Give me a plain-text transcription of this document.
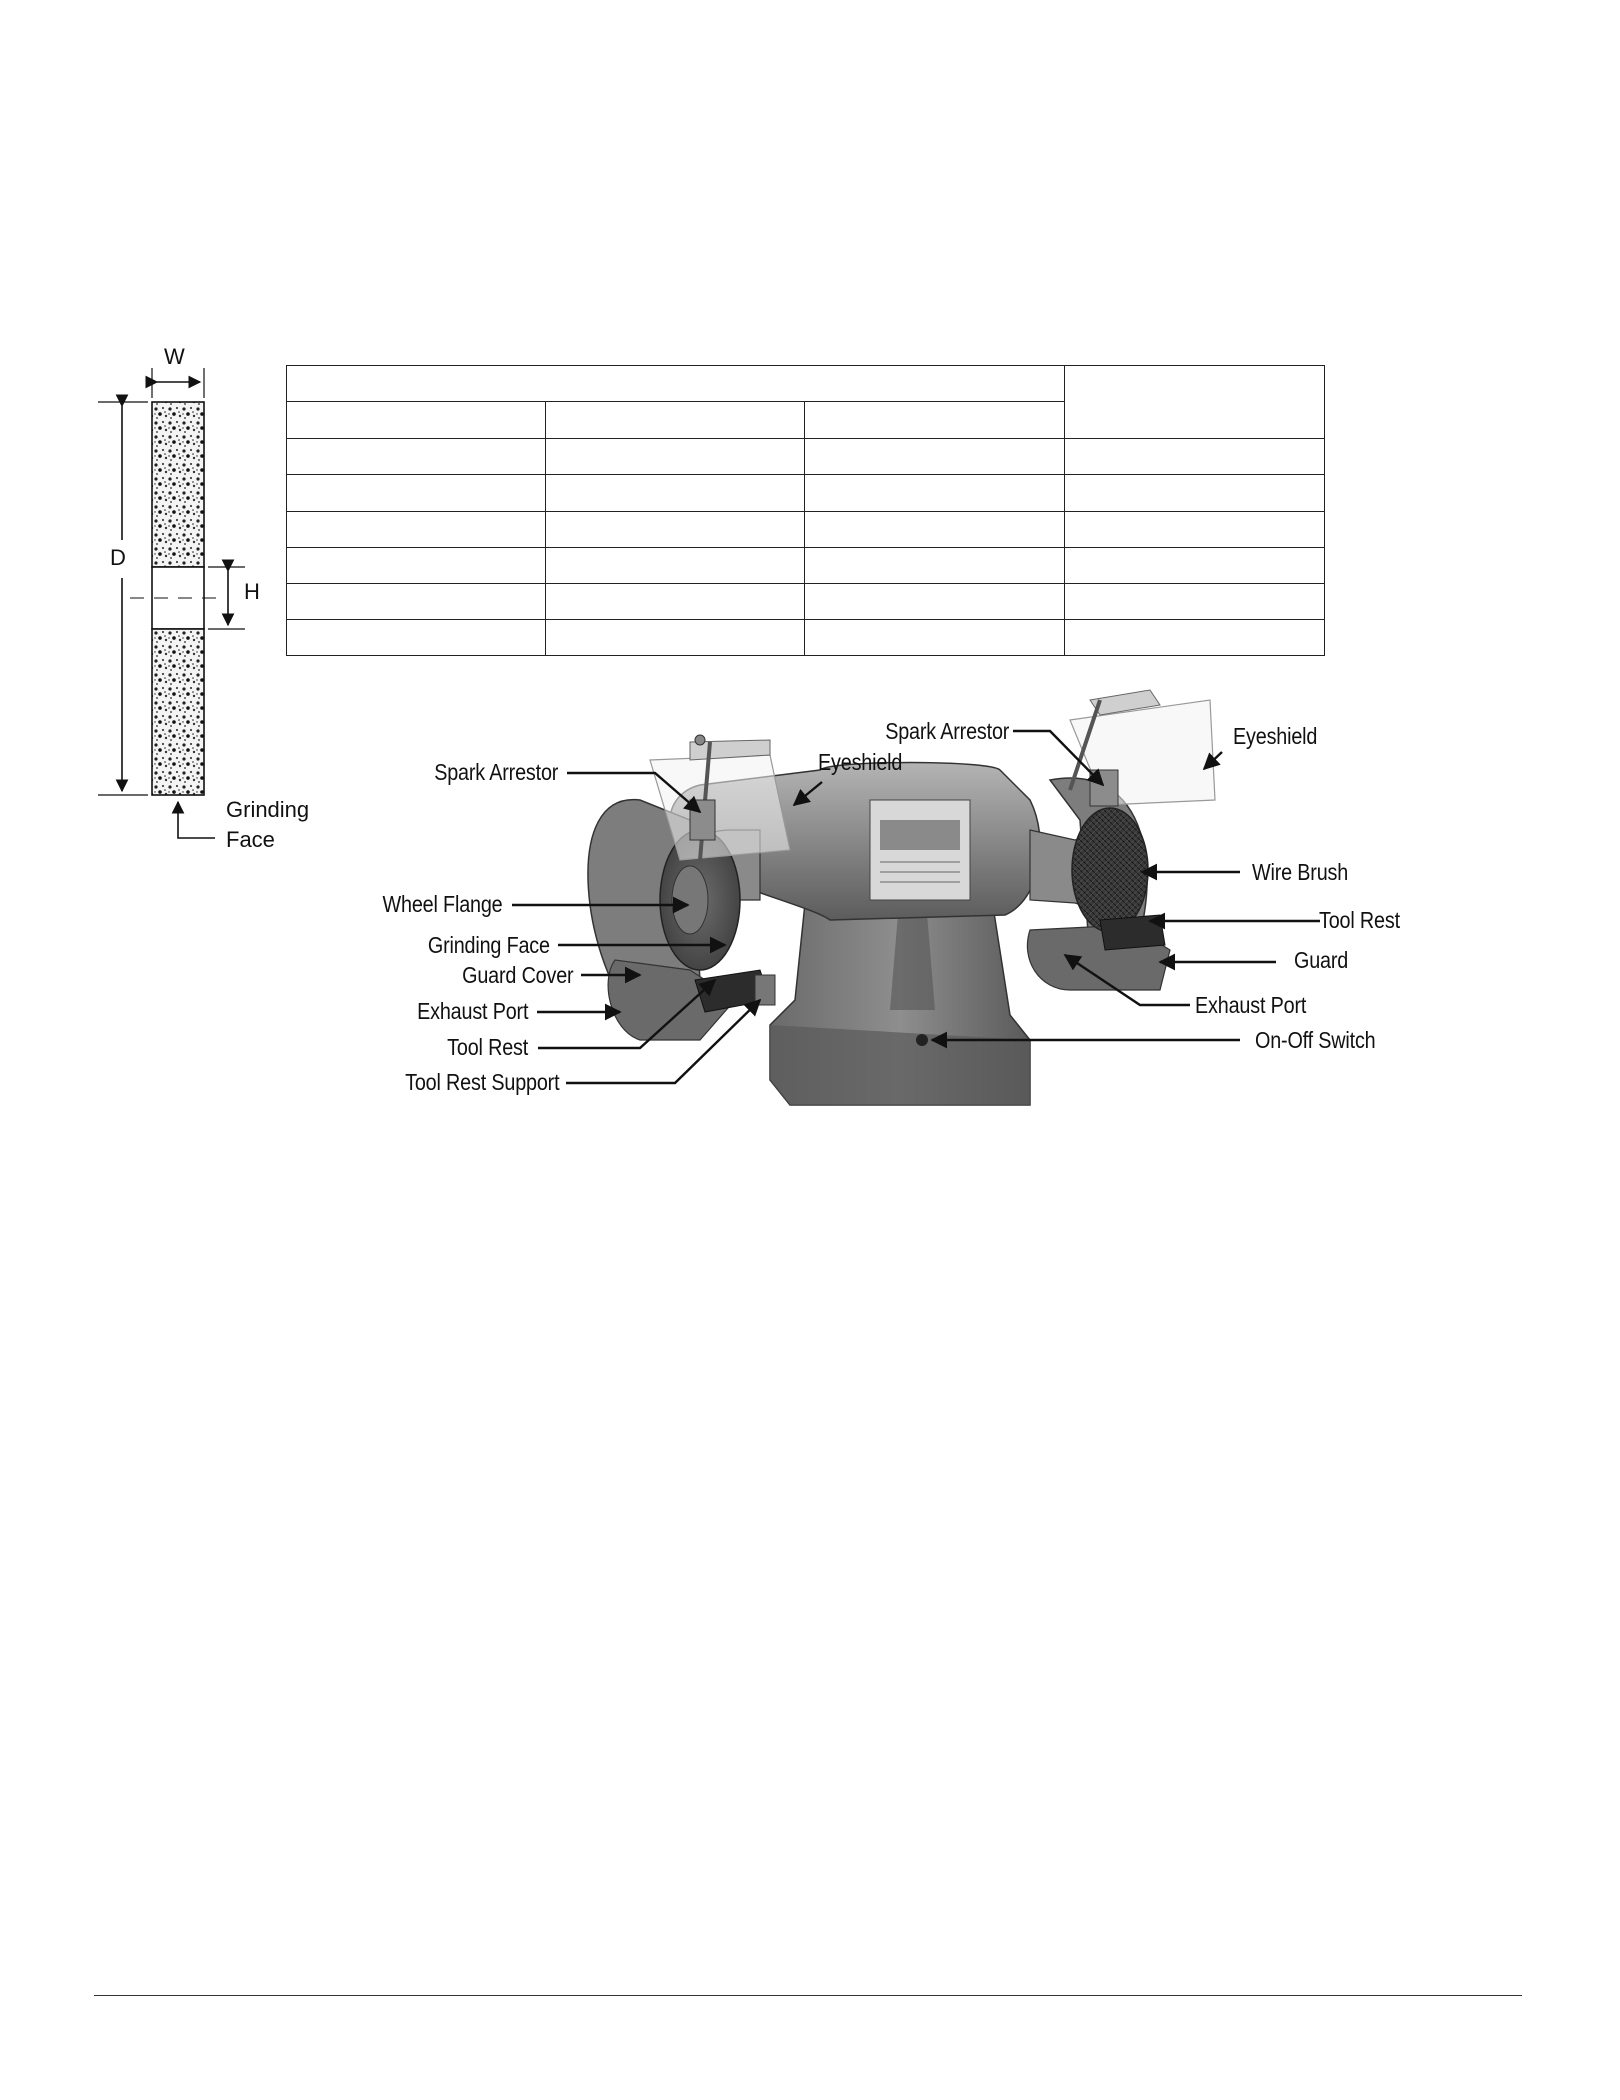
W
D
H
Grinding
Face

Spark Arrestor	Eyeshield
Wheel Flange
Grinding Face
Guard Cover
Exhaust Port
Tool Rest
Tool Rest Support
Spark Arrestor	Eyeshield
Wire Brush
Tool Rest
Guard
Exhaust Port
On-Off Switch
